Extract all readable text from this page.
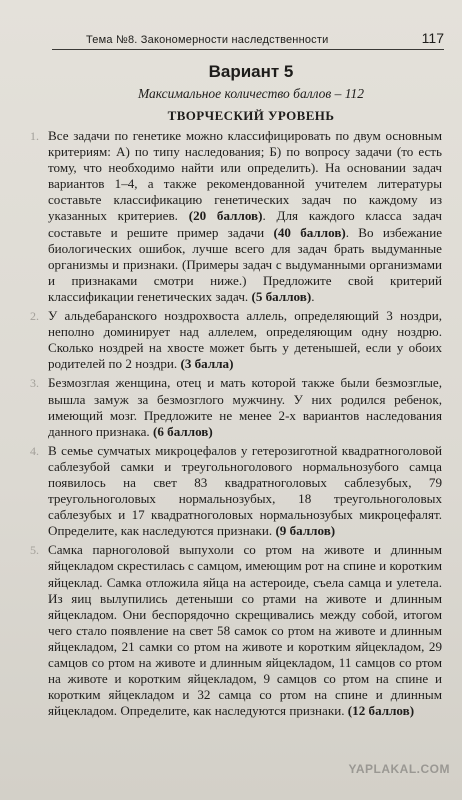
Тема №8. Закономерности наследственности	117
Вариант 5
Максимальное количество баллов – 112
ТВОРЧЕСКИЙ УРОВЕНЬ
1. Все задачи по генетике можно классифицировать по двум основным критериям: А) по типу наследования; Б) по вопросу задачи (то есть тому, что необходимо найти или определить). На основании задач вариантов 1–4, а также рекомендованной учителем литературы составьте классификацию генетических задач по каждому из указанных критериев. (20 баллов). Для каждого класса задач составьте и решите пример задачи (40 баллов). Во избежание биологических ошибок, лучше всего для задач брать выдуманные организмы и признаки. (Примеры задач с выдуманными организмами и признаками смотри ниже.) Предложите свой критерий классификации генетических задач. (5 баллов).
2. У альдебаранского ноздрохвоста аллель, определяющий 3 ноздри, неполно доминирует над аллелем, определяющим одну ноздрю. Сколько ноздрей на хвосте может быть у детенышей, если у обоих родителей по 2 ноздри. (3 балла)
3. Безмозглая женщина, отец и мать которой также были безмозглые, вышла замуж за безмозглого мужчину. У них родился ребенок, имеющий мозг. Предложите не менее 2-х вариантов наследования данного признака. (6 баллов)
4. В семье сумчатых микроцефалов у гетерозиготной квадратноголовой саблезубой самки и треугольноголового нормальнозубого самца появилось на свет 83 квадратноголовых саблезубых, 79 треугольноголовых нормальнозубых, 18 треугольноголовых саблезубых и 17 квадратноголовых нормальнозубых микроцефалят. Определите, как наследуются признаки. (9 баллов)
5. Самка парноголовой выпухоли со ртом на животе и длинным яйцекладом скрестилась с самцом, имеющим рот на спине и коротким яйцеклад. Самка отложила яйца на астероиде, съела самца и улетела. Из яиц вылупились детеныши со ртами на животе и длинным яйцекладом. Они беспорядочно скрещивались между собой, итогом чего стало появление на свет 58 самок со ртом на животе и длинным яйцекладом, 21 самки со ртом на животе и коротким яйцекладом, 29 самцов со ртом на животе и длинным яйцекладом, 11 самцов со ртом на животе и коротким яйцекладом, 9 самцов со ртом на спине и коротким яйцекладом и 32 самца со ртом на спине и длинным яйцекладом. Определите, как наследуются признаки. (12 баллов)
YAPLAKAL.COM
